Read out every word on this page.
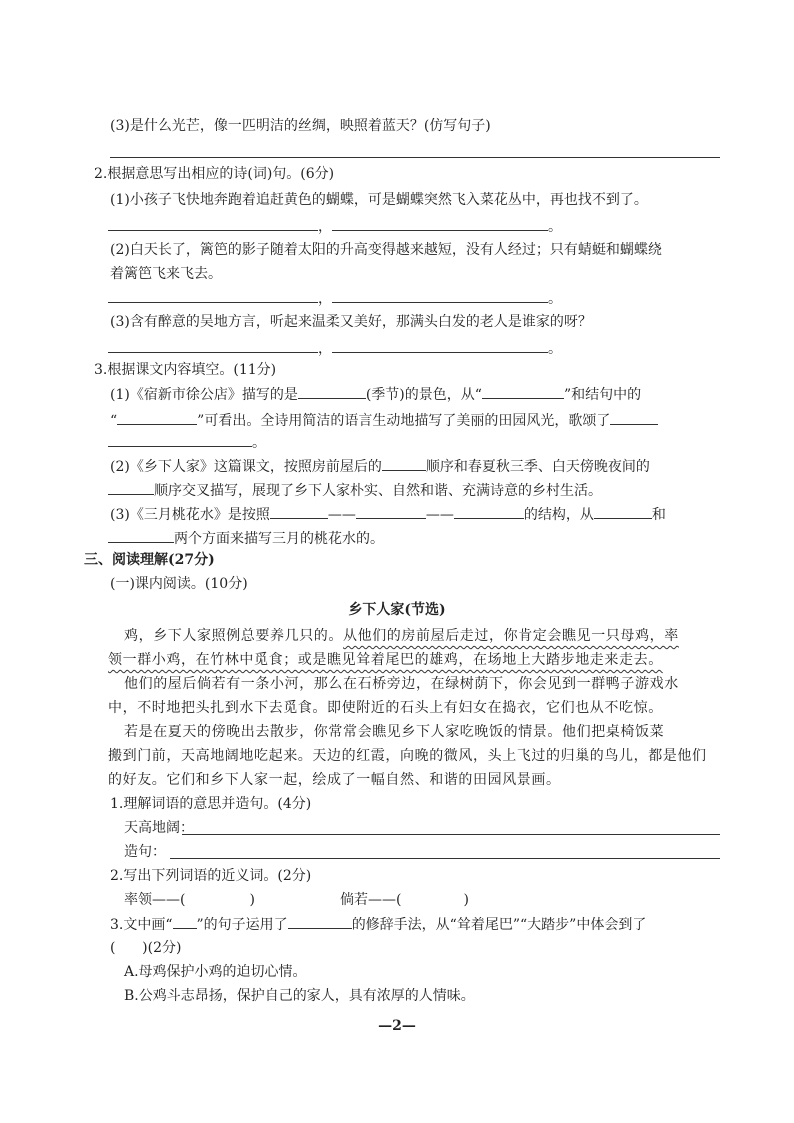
(3)是什么光芒，像一匹明洁的丝绸，映照着蓝天？(仿写句子)
2.根据意思写出相应的诗(词)句。(6分)
(1)小孩子飞快地奔跑着追赶黄色的蝴蝶，可是蝴蝶突然飞入菜花丛中，再也找不到了。
，	。
(2)白天长了，篱笆的影子随着太阳的升高变得越来越短，没有人经过；只有蜻蜓和蝴蝶绕
着篱笆飞来飞去。
，	。
(3)含有醉意的吴地方言，听起来温柔又美好，那满头白发的老人是谁家的呀？
，	。
3.根据课文内容填空。(11分)
(1)《宿新市徐公店》描写的是	(季节)的景色，从“	”和结句中的
“	”可看出。全诗用简洁的语言生动地描写了美丽的田园风光，歌颂了
。
(2)《乡下人家》这篇课文，按照房前屋后的	顺序和春夏秋三季、白天傍晚夜间的
顺序交叉描写，展现了乡下人家朴实、自然和谐、充满诗意的乡村生活。
(3)《三月桃花水》是按照	——	——	的结构，从	和
两个方面来描写三月的桃花水的。
三、阅读理解(27分)
(一)课内阅读。(10分)
乡下人家(节选)
鸡，乡下人家照例总要养几只的。从他们的房前屋后走过，你肯定会瞧见一只母鸡，率
领一群小鸡，在竹林中觅食；或是瞧见耸着尾巴的雄鸡，在场地上大踏步地走来走去。
他们的屋后倘若有一条小河，那么在石桥旁边，在绿树荫下，你会见到一群鸭子游戏水
中，不时地把头扎到水下去觅食。即使附近的石头上有妇女在捣衣，它们也从不吃惊。
若是在夏天的傍晚出去散步，你常常会瞧见乡下人家吃晚饭的情景。他们把桌椅饭菜
搬到门前，天高地阔地吃起来。天边的红霞，向晚的微风，头上飞过的归巢的鸟儿，都是他们
的好友。它们和乡下人家一起，绘成了一幅自然、和谐的田园风景画。
1.理解词语的意思并造句。(4分)
天高地阔：
造句：
2.写出下列词语的近义词。(2分)
率领——(	)	倘若——(	)
3.文中画“ ”的句子运用了	的修辞手法，从“耸着尾巴”“大踏步”中体会到了
(      )(2分)
A.母鸡保护小鸡的迫切心情。
B.公鸡斗志昂扬，保护自己的家人，具有浓厚的人情味。
—2—
